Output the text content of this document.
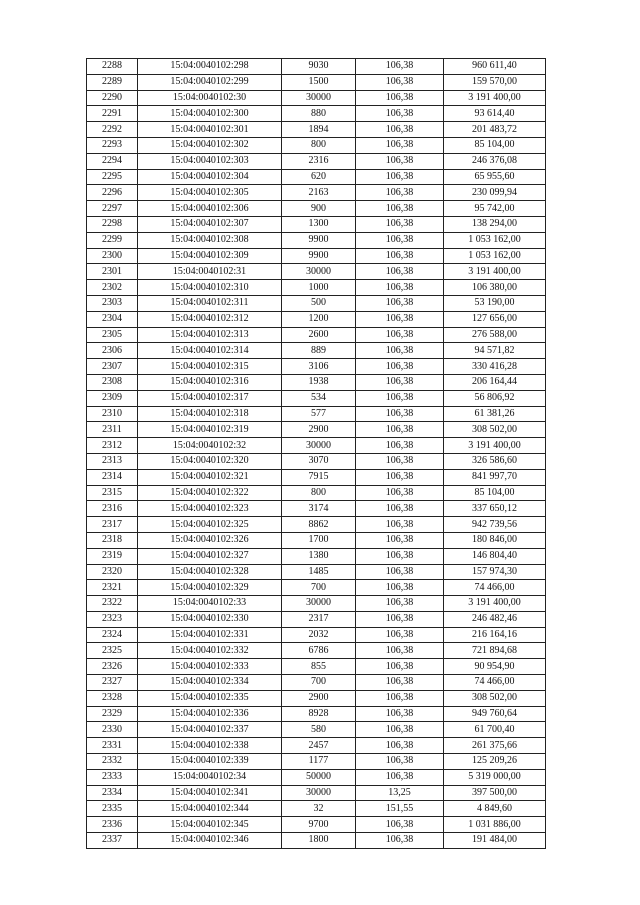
2288	15:04:0040102:298	9030	106,38	960 611,40
2289	15:04:0040102:299	1500	106,38	159 570,00
2290	15:04:0040102:30	30000	106,38	3 191 400,00
2291	15:04:0040102:300	880	106,38	93 614,40
2292	15:04:0040102:301	1894	106,38	201 483,72
2293	15:04:0040102:302	800	106,38	85 104,00
2294	15:04:0040102:303	2316	106,38	246 376,08
2295	15:04:0040102:304	620	106,38	65 955,60
2296	15:04:0040102:305	2163	106,38	230 099,94
2297	15:04:0040102:306	900	106,38	95 742,00
2298	15:04:0040102:307	1300	106,38	138 294,00
2299	15:04:0040102:308	9900	106,38	1 053 162,00
2300	15:04:0040102:309	9900	106,38	1 053 162,00
2301	15:04:0040102:31	30000	106,38	3 191 400,00
2302	15:04:0040102:310	1000	106,38	106 380,00
2303	15:04:0040102:311	500	106,38	53 190,00
2304	15:04:0040102:312	1200	106,38	127 656,00
2305	15:04:0040102:313	2600	106,38	276 588,00
2306	15:04:0040102:314	889	106,38	94 571,82
2307	15:04:0040102:315	3106	106,38	330 416,28
2308	15:04:0040102:316	1938	106,38	206 164,44
2309	15:04:0040102:317	534	106,38	56 806,92
2310	15:04:0040102:318	577	106,38	61 381,26
2311	15:04:0040102:319	2900	106,38	308 502,00
2312	15:04:0040102:32	30000	106,38	3 191 400,00
2313	15:04:0040102:320	3070	106,38	326 586,60
2314	15:04:0040102:321	7915	106,38	841 997,70
2315	15:04:0040102:322	800	106,38	85 104,00
2316	15:04:0040102:323	3174	106,38	337 650,12
2317	15:04:0040102:325	8862	106,38	942 739,56
2318	15:04:0040102:326	1700	106,38	180 846,00
2319	15:04:0040102:327	1380	106,38	146 804,40
2320	15:04:0040102:328	1485	106,38	157 974,30
2321	15:04:0040102:329	700	106,38	74 466,00
2322	15:04:0040102:33	30000	106,38	3 191 400,00
2323	15:04:0040102:330	2317	106,38	246 482,46
2324	15:04:0040102:331	2032	106,38	216 164,16
2325	15:04:0040102:332	6786	106,38	721 894,68
2326	15:04:0040102:333	855	106,38	90 954,90
2327	15:04:0040102:334	700	106,38	74 466,00
2328	15:04:0040102:335	2900	106,38	308 502,00
2329	15:04:0040102:336	8928	106,38	949 760,64
2330	15:04:0040102:337	580	106,38	61 700,40
2331	15:04:0040102:338	2457	106,38	261 375,66
2332	15:04:0040102:339	1177	106,38	125 209,26
2333	15:04:0040102:34	50000	106,38	5 319 000,00
2334	15:04:0040102:341	30000	13,25	397 500,00
2335	15:04:0040102:344	32	151,55	4 849,60
2336	15:04:0040102:345	9700	106,38	1 031 886,00
2337	15:04:0040102:346	1800	106,38	191 484,00
